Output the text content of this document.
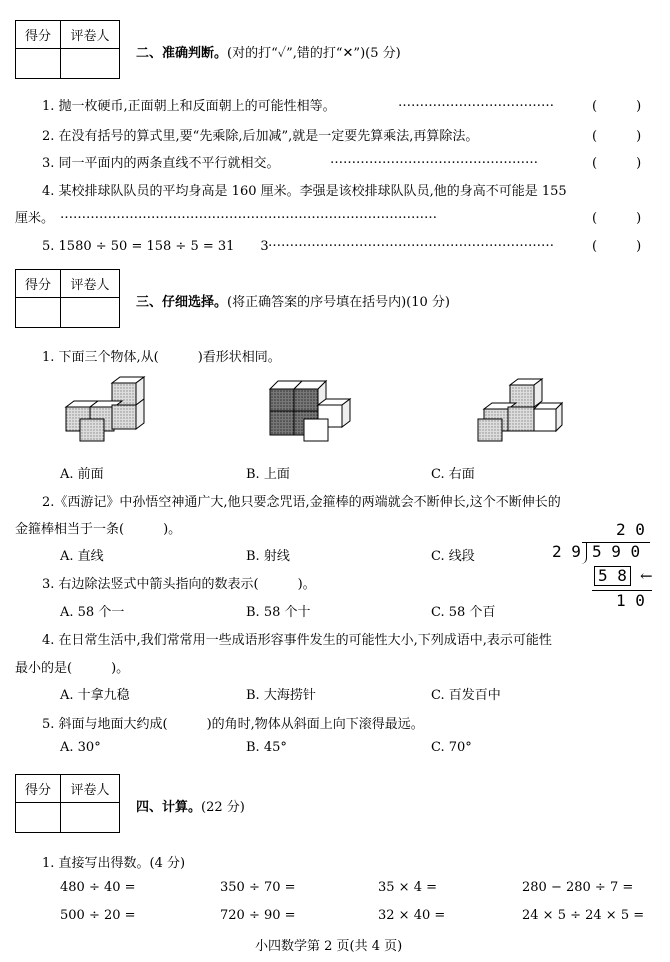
得分	评卷人

二、准确判断。(对的打“✓”,错的打“✕”)(5 分)
1. 抛一枚硬币,正面朝上和反面朝上的可能性相等。	………………………………	(　　　)
2. 在没有括号的算式里,要“先乘除,后加减”,就是一定要先算乘法,再算除法。	(　　　)
3. 同一平面内的两条直线不平行就相交。	…………………………………………	(　　　)
4. 某校排球队队员的平均身高是 160 厘米。李强是该校排球队队员,他的身高不可能是 155
厘米。 ……………………………………………………………………………	(　　　)
5. 1580 ÷ 50 = 158 ÷ 5 = 31　　3 …………………………………………………………	(　　　)
得分	评卷人

三、仔细选择。(将正确答案的序号填在括号内)(10 分)
1. 下面三个物体,从(　　　)看形状相同。
A. 前面	B. 上面	C. 右面
2.《西游记》中孙悟空神通广大,他只要念咒语,金箍棒的两端就会不断伸长,这个不断伸长的
金箍棒相当于一条(　　　)。
A. 直线	B. 射线	C. 线段
2 0
2 9 5 9 0
5 8 ←
1 0
3. 右边除法竖式中箭头指向的数表示(　　　)。
A. 58 个一	B. 58 个十	C. 58 个百
4. 在日常生活中,我们常常用一些成语形容事件发生的可能性大小,下列成语中,表示可能性
最小的是(　　　)。
A. 十拿九稳	B. 大海捞针	C. 百发百中
5. 斜面与地面大约成(　　　)的角时,物体从斜面上向下滚得最远。
A. 30°	B. 45°	C. 70°
得分	评卷人

四、计算。(22 分)
1. 直接写出得数。(4 分)
480 ÷ 40 =	350 ÷ 70 =	35 × 4 =	280 − 280 ÷ 7 =
500 ÷ 20 =	720 ÷ 90 =	32 × 40 =	24 × 5 ÷ 24 × 5 =
小四数学第 2 页(共 4 页)
